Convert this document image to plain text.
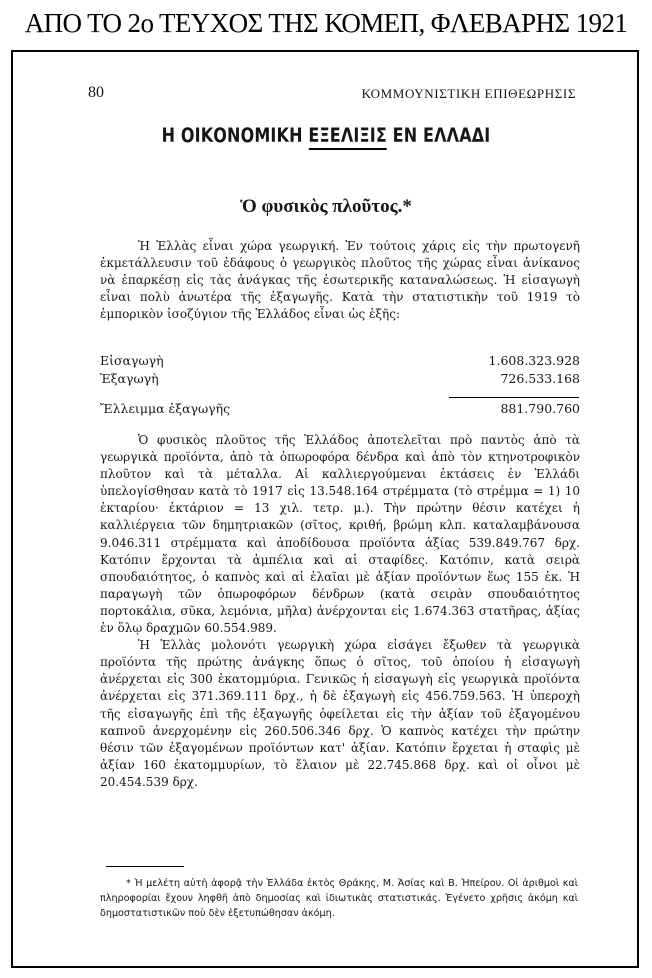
ΑΠΟ ΤΟ 2ο ΤΕΥΧΟΣ ΤΗΣ ΚΟΜΕΠ, ΦΛΕΒΑΡΗΣ 1921
80	ΚΟΜΜΟΥΝΙΣΤΙΚΗ ΕΠΙΘΕΩΡΗΣΙΣ
Η ΟΙΚΟΝΟΜΙΚΗ ΕΞΕΛΙΞΙΣ ΕΝ ΕΛΛΑΔΙ
Ὁ φυσικὸς πλοῦτος.*

Ἡ Ἑλλὰς εἶναι χώρα γεωργική. Ἐν τούτοις χάρις εἰς τὴν πρωτογενῆ ἐκμετάλλευσιν τοῦ ἐδάφους ὁ γεωργικὸς πλοῦτος τῆς χώρας εἶναι ἀνίκανος νὰ ἐπαρκέσῃ εἰς τὰς ἀνάγκας τῆς ἐσωτερικῆς καταναλώσεως. Ἡ εἰσαγωγὴ εἶναι πολὺ ἀνωτέρα τῆς ἐξαγωγῆς. Κατὰ τὴν στατιστικὴν τοῦ 1919 τὸ ἐμπορικὸν ἰσοζύγιον τῆς Ἑλλάδος εἶναι ὡς ἑξῆς:

Εἰσαγωγὴ	1.608.323.928
Ἐξαγωγὴ	726.533.168
Ἔλλειμμα ἐξαγωγῆς	881.790.760

Ὁ φυσικὸς πλοῦτος τῆς Ἑλλάδος ἀποτελεῖται πρὸ παντὸς ἀπὸ τὰ γεωργικὰ προϊόντα, ἀπὸ τὰ ὀπωροφόρα δένδρα καὶ ἀπὸ τὸν κτηνοτροφικὸν πλοῦτον καὶ τὰ μέταλλα. Αἱ καλλιεργούμεναι ἐκτάσεις ἐν Ἑλλάδι ὑπελογίσθησαν κατὰ τὸ 1917 εἰς 13.548.164 στρέμματα (τὸ στρέμμα = 1) 10 ἐκταρίου· ἐκτάριον = 13 χιλ. τετρ. μ.). Τὴν πρώτην θέσιν κατέχει ἡ καλλιέργεια τῶν δημητριακῶν (σῖτος, κριθή, βρώμη κλπ. καταλαμβάνουσα 9.046.311 στρέμματα καὶ ἀποδίδουσα προϊόντα ἀξίας 539.849.767 δρχ. Κατόπιν ἔρχονται τὰ ἀμπέλια καὶ αἱ σταφίδες. Κατόπιν, κατὰ σειρὰ σπουδαιότητος, ὁ καπνὸς καὶ αἱ ἐλαῖαι μὲ ἀξίαν προϊόντων ἕως 155 ἑκ. Ἡ παραγωγὴ τῶν ὀπωροφόρων δένδρων (κατὰ σειρὰν σπουδαιότητος πορτοκάλια, σῦκα, λεμόνια, μῆλα) ἀνέρχονται εἰς 1.674.363 στατῆρας, ἀξίας ἐν ὅλῳ δραχμῶν 60.554.989.

Ἡ Ἑλλὰς μολονότι γεωργικὴ χώρα εἰσάγει ἔξωθεν τὰ γεωργικὰ προϊόντα τῆς πρώτης ἀνάγκης ὅπως ὁ σῖτος, τοῦ ὁποίου ἡ εἰσαγωγὴ ἀνέρχεται εἰς 300 ἑκατομμύρια. Γενικῶς ἡ εἰσαγωγὴ εἰς γεωργικὰ προϊόντα ἀνέρχεται εἰς 371.369.111 δρχ., ἡ δὲ ἐξαγωγὴ εἰς 456.759.563. Ἡ ὑπεροχὴ τῆς εἰσαγωγῆς ἐπὶ τῆς ἐξαγωγῆς ὀφείλεται εἰς τὴν ἀξίαν τοῦ ἐξαγομένου καπνοῦ ἀνερχομένην εἰς 260.506.346 δρχ. Ὁ καπνὸς κατέχει τὴν πρώτην θέσιν τῶν ἐξαγομένων προϊόντων κατ' ἀξίαν. Κατόπιν ἔρχεται ἡ σταφὶς μὲ ἀξίαν 160 ἑκατομμυρίων, τὸ ἔλαιον μὲ 22.745.868 δρχ. καὶ οἱ οἶνοι μὲ 20.454.539 δρχ.

* Ἡ μελέτη αὐτὴ ἀφορᾷ τὴν Ἑλλάδα ἐκτὸς Θράκης, Μ. Ἀσίας καὶ Β. Ἠπείρου. Οἱ ἀριθμοὶ καὶ πληροφορίαι ἔχουν ληφθῆ ἀπὸ δημοσίας καὶ ἰδιωτικὰς στατιστικάς. Ἐγένετο χρῆσις ἀκόμη καὶ δημοστατιστικῶν ποὺ δὲν ἐξετυπώθησαν ἀκόμη.
